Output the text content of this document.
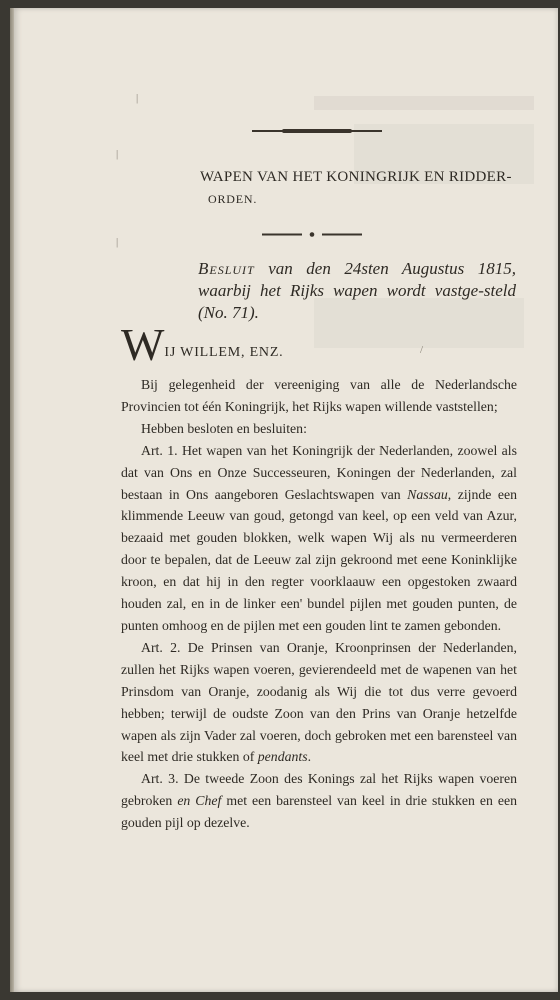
|
|
|
/
WAPEN VAN HET KONINGRIJK EN RIDDER-
ORDEN.
Besluit van den 24sten Augustus 1815, waarbij het Rijks wapen wordt vastge-steld (No. 71).
WIJ WILLEM, ENZ.

Bij gelegenheid der vereeniging van alle de Nederlandsche Provincien tot één Koningrijk, het Rijks wapen willende vaststellen;

Hebben besloten en besluiten:

Art. 1. Het wapen van het Koningrijk der Nederlanden, zoowel als dat van Ons en Onze Successeuren, Koningen der Nederlanden, zal bestaan in Ons aangeboren Geslachtswapen van Nassau, zijnde een klimmende Leeuw van goud, getongd van keel, op een veld van Azur, bezaaid met gouden blokken, welk wapen Wij als nu vermeerderen door te bepalen, dat de Leeuw zal zijn gekroond met eene Koninklijke kroon, en dat hij in den regter voorklaauw een opgestoken zwaard houden zal, en in de linker een' bundel pijlen met gouden punten, de punten omhoog en de pijlen met een gouden lint te zamen gebonden.

Art. 2. De Prinsen van Oranje, Kroonprinsen der Nederlanden, zullen het Rijks wapen voeren, gevierendeeld met de wapenen van het Prinsdom van Oranje, zoodanig als Wij die tot dus verre gevoerd hebben; terwijl de oudste Zoon van den Prins van Oranje hetzelfde wapen als zijn Vader zal voeren, doch gebroken met een barensteel van keel met drie stukken of pendants.

Art. 3. De tweede Zoon des Konings zal het Rijks wapen voeren gebroken en Chef met een barensteel van keel in drie stukken en een gouden pijl op dezelve.
